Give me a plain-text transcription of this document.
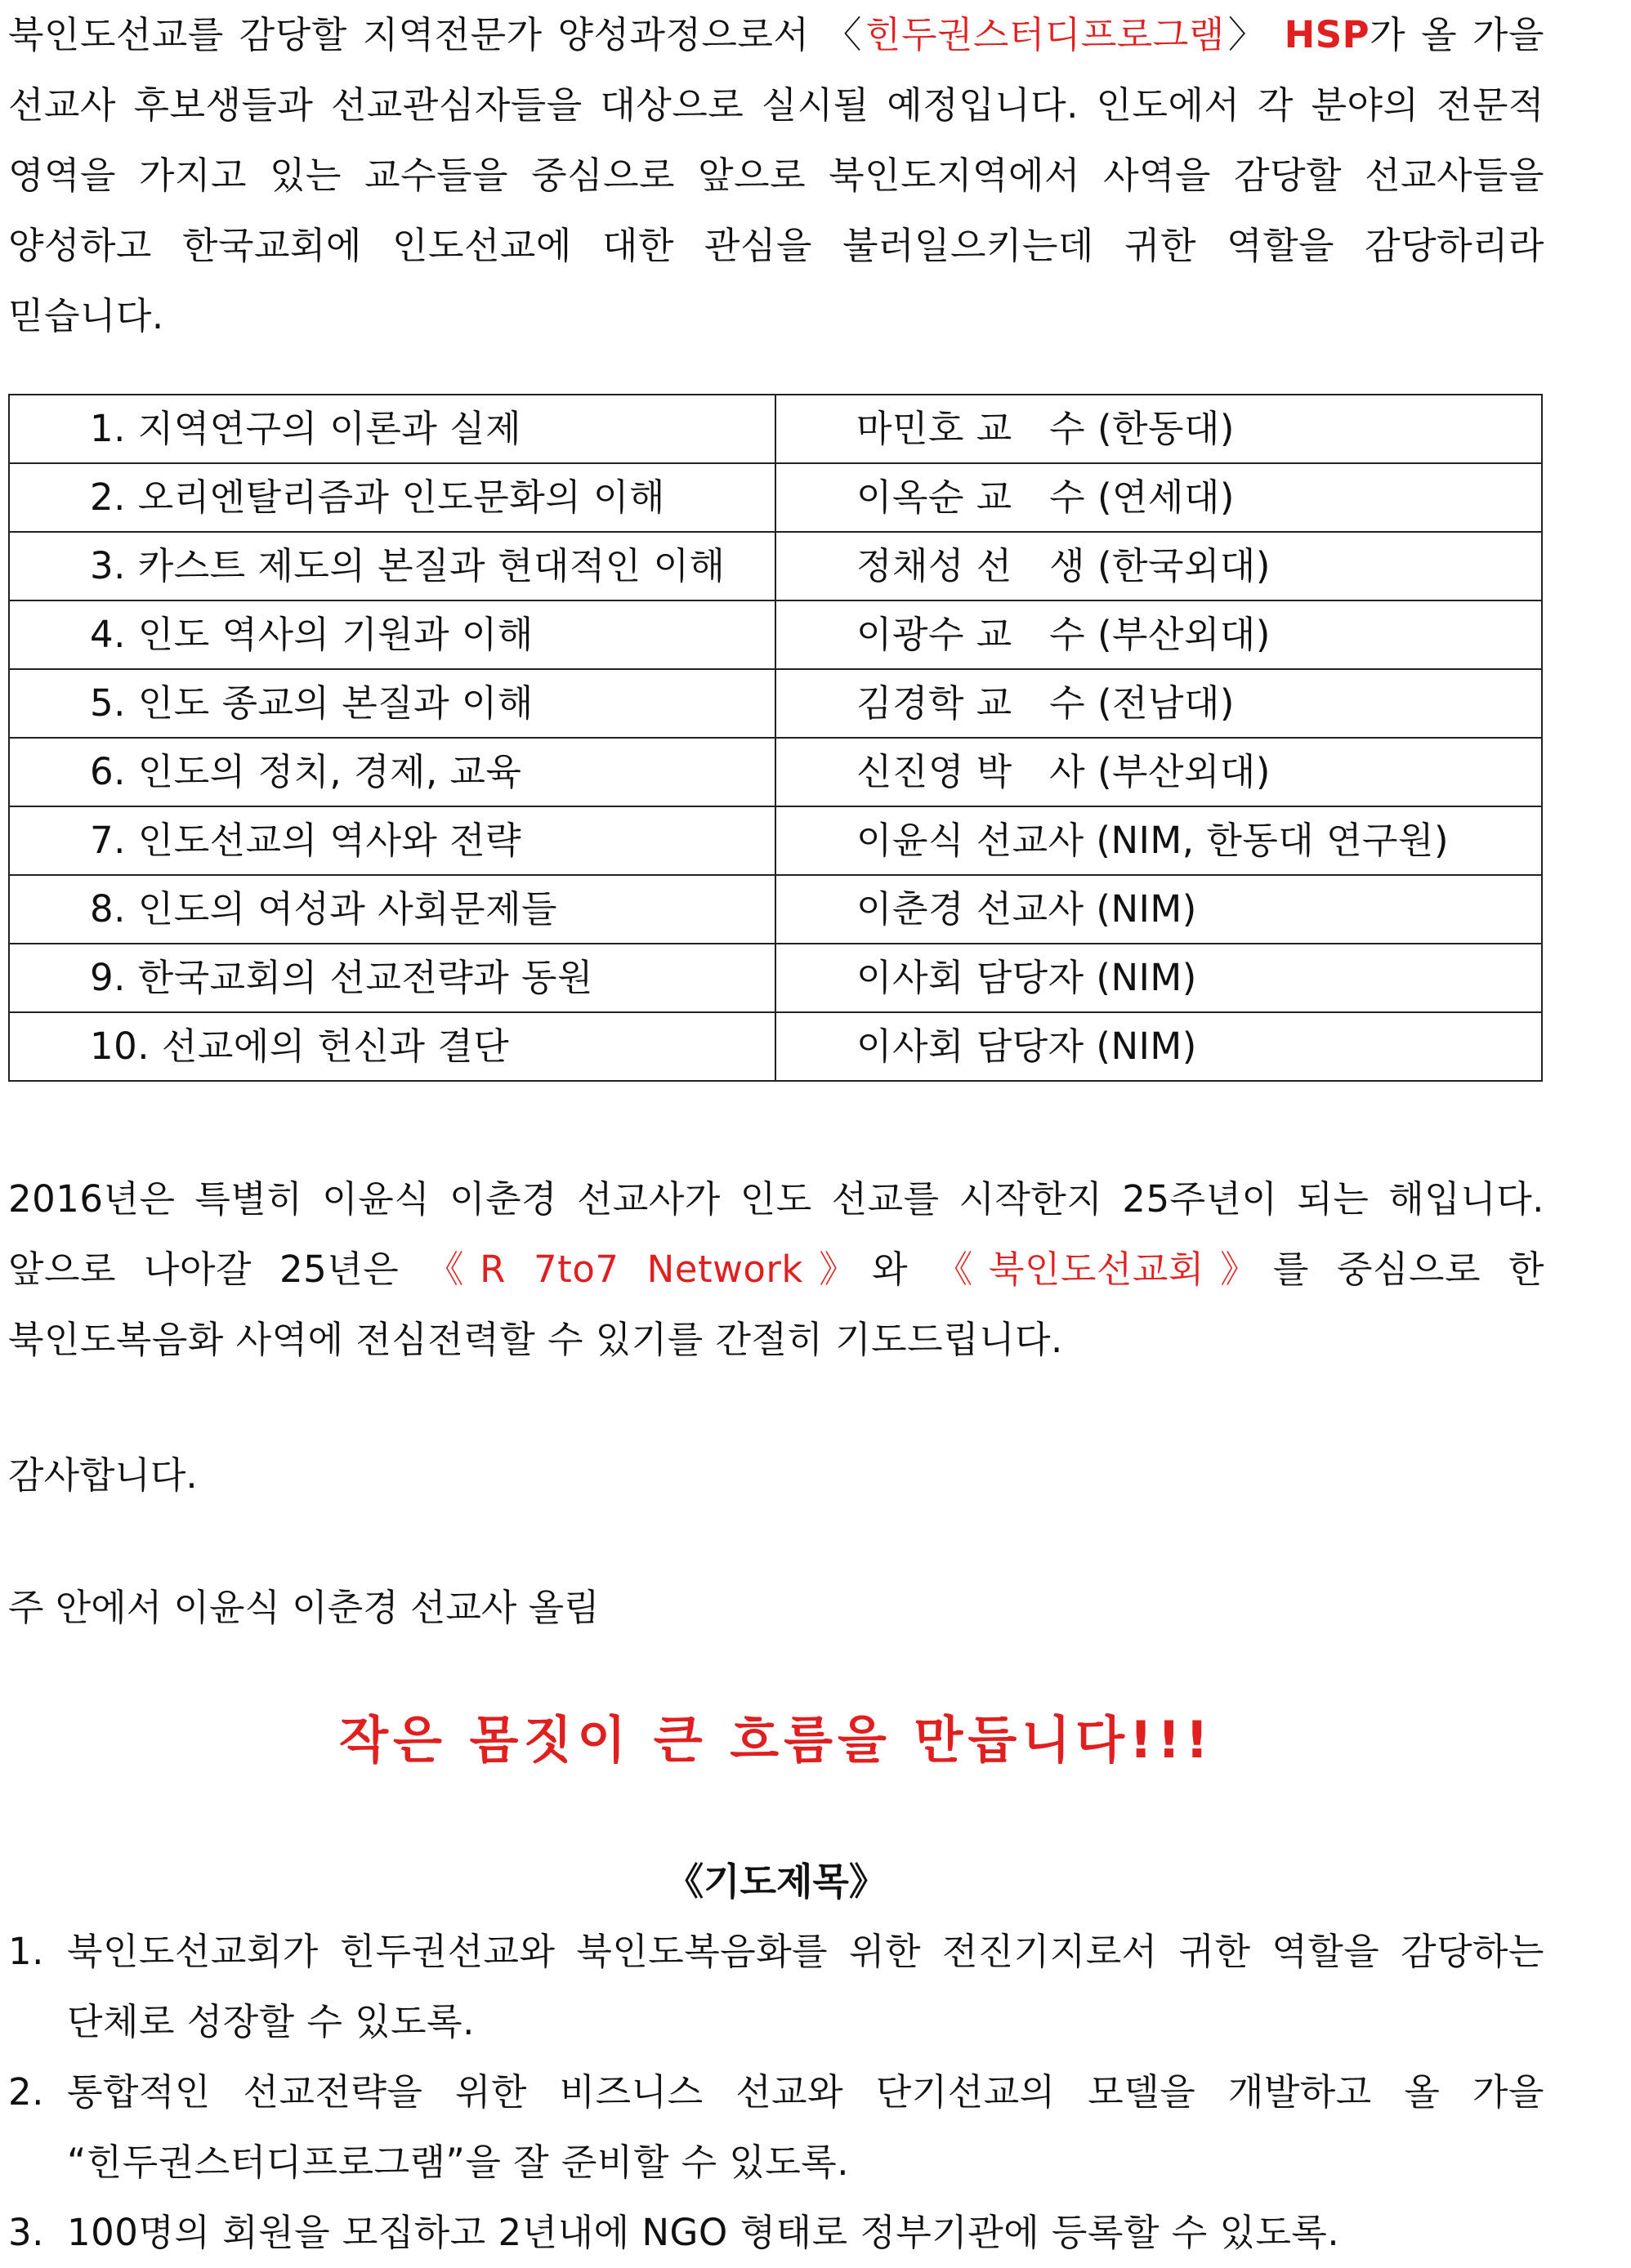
북인도선교를 감당할 지역전문가 양성과정으로서 〈힌두권스터디프로그램〉 HSP가 올 가을 선교사 후보생들과 선교관심자들을 대상으로 실시될 예정입니다. 인도에서 각 분야의 전문적 영역을 가지고 있는 교수들을 중심으로 앞으로 북인도지역에서 사역을 감당할 선교사들을 양성하고 한국교회에 인도선교에 대한 관심을 불러일으키는데 귀한 역할을 감당하리라 믿습니다.

1. 지역연구의 이론과 실제	마민호 교　수 (한동대)
2. 오리엔탈리즘과 인도문화의 이해	이옥순 교　수 (연세대)
3. 카스트 제도의 본질과 현대적인 이해	정채성 선　생 (한국외대)
4. 인도 역사의 기원과 이해	이광수 교　수 (부산외대)
5. 인도 종교의 본질과 이해	김경학 교　수 (전남대)
6. 인도의 정치, 경제, 교육	신진영 박　사 (부산외대)
7. 인도선교의 역사와 전략	이윤식 선교사 (NIM, 한동대 연구원)
8. 인도의 여성과 사회문제들	이춘경 선교사 (NIM)
9. 한국교회의 선교전략과 동원	이사회 담당자 (NIM)
10. 선교에의 헌신과 결단	이사회 담당자 (NIM)

2016년은 특별히 이윤식 이춘경 선교사가 인도 선교를 시작한지 25주년이 되는 해입니다. 앞으로 나아갈 25년은 《R 7to7 Network》와 《북인도선교회》를 중심으로 한 북인도복음화 사역에 전심전력할 수 있기를 간절히 기도드립니다.

감사합니다.
주 안에서 이윤식 이춘경 선교사 올림
작은 몸짓이 큰 흐름을 만듭니다!!!
《기도제목》
1. 북인도선교회가 힌두권선교와 북인도복음화를 위한 전진기지로서 귀한 역할을 감당하는 단체로 성장할 수 있도록.
2. 통합적인 선교전략을 위한 비즈니스 선교와 단기선교의 모델을 개발하고 올 가을 “힌두권스터디프로그램”을 잘 준비할 수 있도록.
3. 100명의 회원을 모집하고 2년내에 NGO 형태로 정부기관에 등록할 수 있도록.
